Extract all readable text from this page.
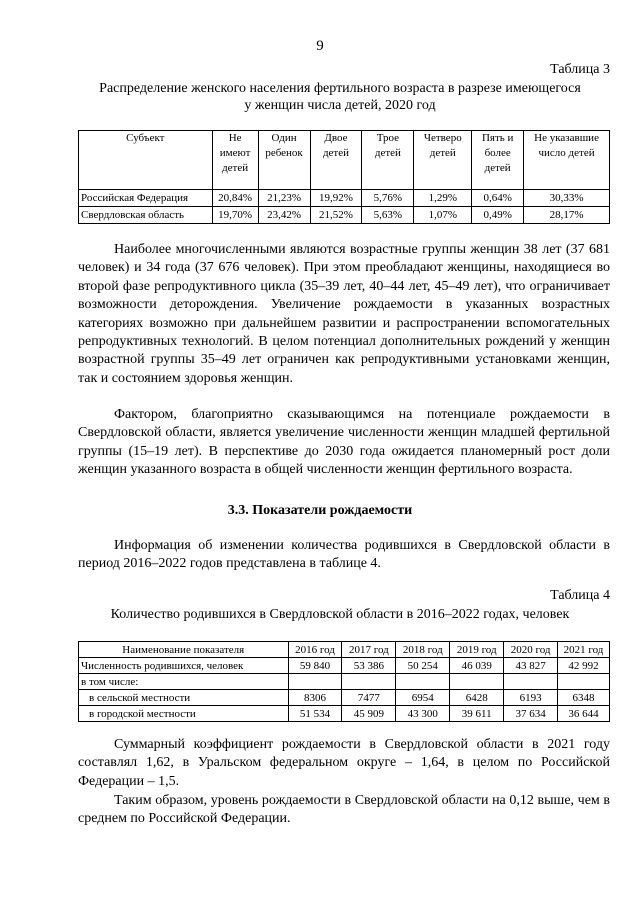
9
Таблица 3
Распределение женского населения фертильного возраста в разрезе имеющегося
у женщин числа детей, 2020 год
Субъект	Не имеют детей	Один ребенок	Двое детей	Трое детей	Четверо детей	Пять и более детей	Не указавшие число детей
Российская Федерация	20,84%	21,23%	19,92%	5,76%	1,29%	0,64%	30,33%
Свердловская область	19,70%	23,42%	21,52%	5,63%	1,07%	0,49%	28,17%
Наиболее многочисленными являются возрастные группы женщин 38 лет (37 681 человек) и 34 года (37 676 человек). При этом преобладают женщины, находящиеся во второй фазе репродуктивного цикла (35–39 лет, 40–44 лет, 45–49 лет), что ограничивает возможности деторождения. Увеличение рождаемости в указанных возрастных категориях возможно при дальнейшем развитии и распространении вспомогательных репродуктивных технологий. В целом потенциал дополнительных рождений у женщин возрастной группы 35–49 лет ограничен как репродуктивными установками женщин, так и состоянием здоровья женщин.
Фактором, благоприятно сказывающимся на потенциале рождаемости в Свердловской области, является увеличение численности женщин младшей фертильной группы (15–19 лет). В перспективе до 2030 года ожидается планомерный рост доли женщин указанного возраста в общей численности женщин фертильного возраста.
3.3. Показатели рождаемости
Информация об изменении количества родившихся в Свердловской области в период 2016–2022 годов представлена в таблице 4.
Таблица 4
Количество родившихся в Свердловской области в 2016–2022 годах, человек
Наименование показателя	2016 год	2017 год	2018 год	2019 год	2020 год	2021 год
Численность родившихся, человек	59 840	53 386	50 254	46 039	43 827	42 992
в том числе:						
в сельской местности	8306	7477	6954	6428	6193	6348
в городской местности	51 534	45 909	43 300	39 611	37 634	36 644
Суммарный коэффициент рождаемости в Свердловской области в 2021 году составлял 1,62, в Уральском федеральном округе – 1,64, в целом по Российской Федерации – 1,5.
Таким образом, уровень рождаемости в Свердловской области на 0,12 выше, чем в среднем по Российской Федерации.
